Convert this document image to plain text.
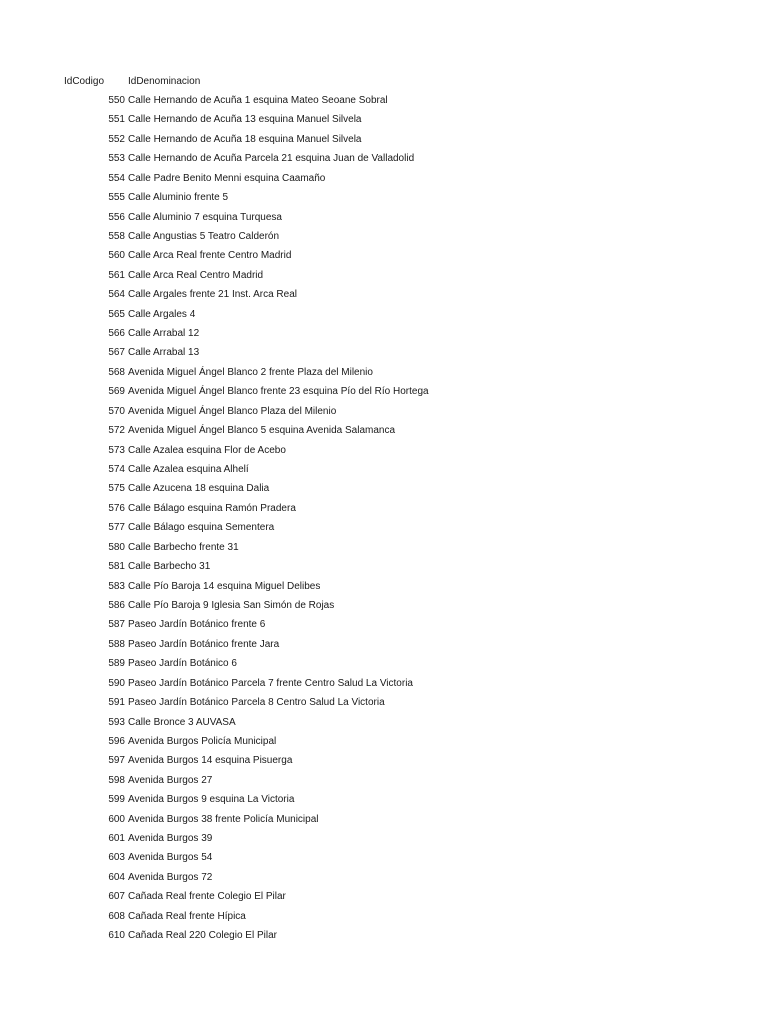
IdCodigo IdDenominacion
550 Calle Hernando de Acuña 1 esquina Mateo Seoane Sobral
551 Calle Hernando de Acuña 13 esquina Manuel Silvela
552 Calle Hernando de Acuña 18 esquina Manuel Silvela
553 Calle Hernando de Acuña Parcela 21 esquina Juan de Valladolid
554 Calle Padre Benito Menni esquina Caamaño
555 Calle Aluminio frente 5
556 Calle Aluminio 7 esquina Turquesa
558 Calle Angustias 5 Teatro Calderón
560 Calle Arca Real frente Centro Madrid
561 Calle Arca Real Centro Madrid
564 Calle Argales frente 21 Inst. Arca Real
565 Calle Argales 4
566 Calle Arrabal 12
567 Calle Arrabal 13
568 Avenida Miguel Ángel Blanco 2 frente Plaza del Milenio
569 Avenida Miguel Ángel Blanco frente 23 esquina Pío del Río Hortega
570 Avenida Miguel Ángel Blanco Plaza del Milenio
572 Avenida Miguel Ángel Blanco 5 esquina Avenida Salamanca
573 Calle Azalea esquina Flor de Acebo
574 Calle Azalea esquina Alhelí
575 Calle Azucena 18 esquina Dalia
576 Calle Bálago esquina Ramón Pradera
577 Calle Bálago esquina Sementera
580 Calle Barbecho frente 31
581 Calle Barbecho 31
583 Calle Pío Baroja 14 esquina Miguel Delibes
586 Calle Pío Baroja 9 Iglesia San Simón de Rojas
587 Paseo Jardín Botánico frente 6
588 Paseo Jardín Botánico frente Jara
589 Paseo Jardín Botánico 6
590 Paseo Jardín Botánico Parcela 7 frente Centro Salud La Victoria
591 Paseo Jardín Botánico Parcela 8 Centro Salud La Victoria
593 Calle Bronce 3 AUVASA
596 Avenida Burgos Policía Municipal
597 Avenida Burgos 14 esquina Pisuerga
598 Avenida Burgos 27
599 Avenida Burgos 9 esquina La Victoria
600 Avenida Burgos 38 frente Policía Municipal
601 Avenida Burgos 39
603 Avenida Burgos 54
604 Avenida Burgos 72
607 Cañada Real frente Colegio El Pilar
608 Cañada Real frente Hípica
610 Cañada Real 220 Colegio El Pilar
